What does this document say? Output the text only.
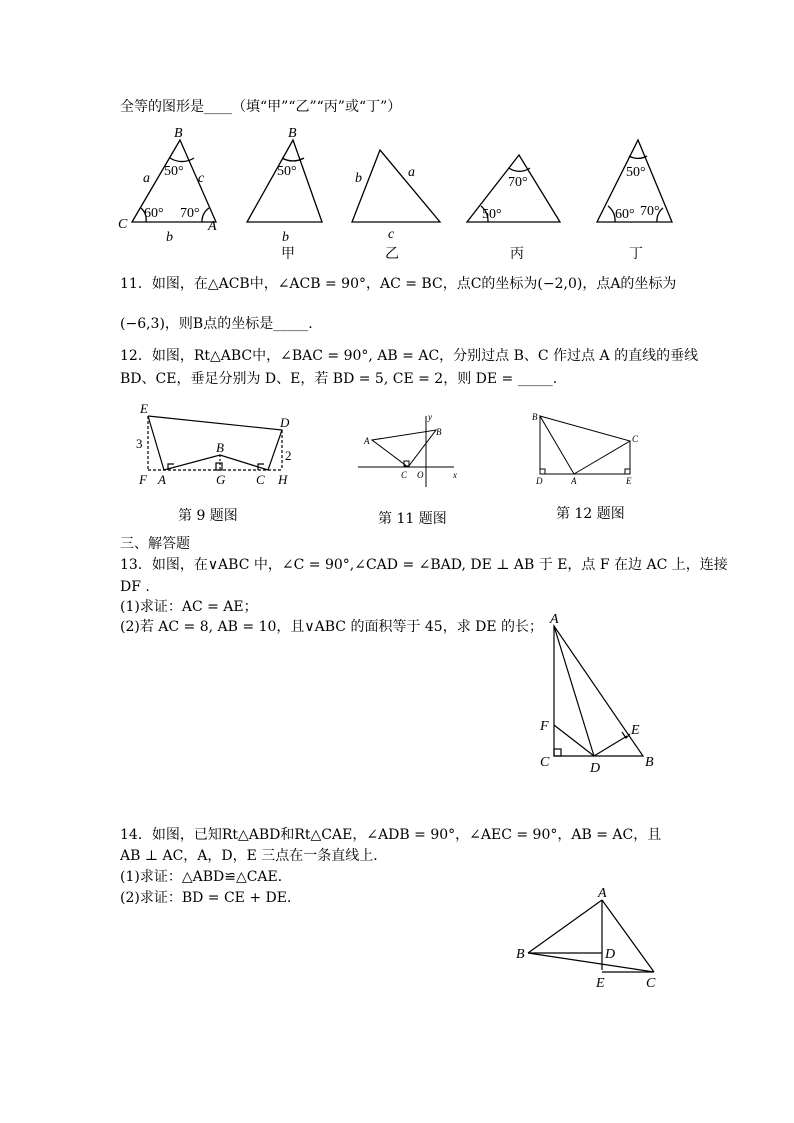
全等的图形是____（填“甲”“乙”“丙”或“丁”）
B
C	A
a
b
c
50°
60° 70°
B
50°
b
甲
b	a
c
乙
70°
50°
丙
50°
60° 70°
丁
11．如图，在△ACB中，∠ACB = 90°，AC = BC，点C的坐标为(−2,0)，点A的坐标为
(−6,3)，则B点的坐标是_____.
12．如图，Rt△ABC中，∠BAC = 90°, AB = AC，分别过点 B、C 作过点 A 的直线的垂线
BD、CE，垂足分别为 D、E，若 BD = 5, CE = 2，则 DE = _____.
E
D
B
F A	G C H
3
2
第 9 题图
y
x
A
B
C O
第 11 题图
B
C
D	A	E
第 12 题图
三、解答题
13．如图，在∨ABC 中，∠C = 90°,∠CAD = ∠BAD, DE ⊥ AB 于 E，点 F 在边 AC 上，连接
DF .
(1)求证：AC = AE；
(2)若 AC = 8, AB = 10，且∨ABC 的面积等于 45，求 DE 的长； A
F	E
C	D	B
14．如图，已知Rt△ABD和Rt△CAE，∠ADB = 90°，∠AEC = 90°，AB = AC，且
AB ⊥ AC，A，D，E 三点在一条直线上．
(1)求证：△ABD≌△CAE．
(2)求证：BD = CE + DE．	A
B	D
E	C
